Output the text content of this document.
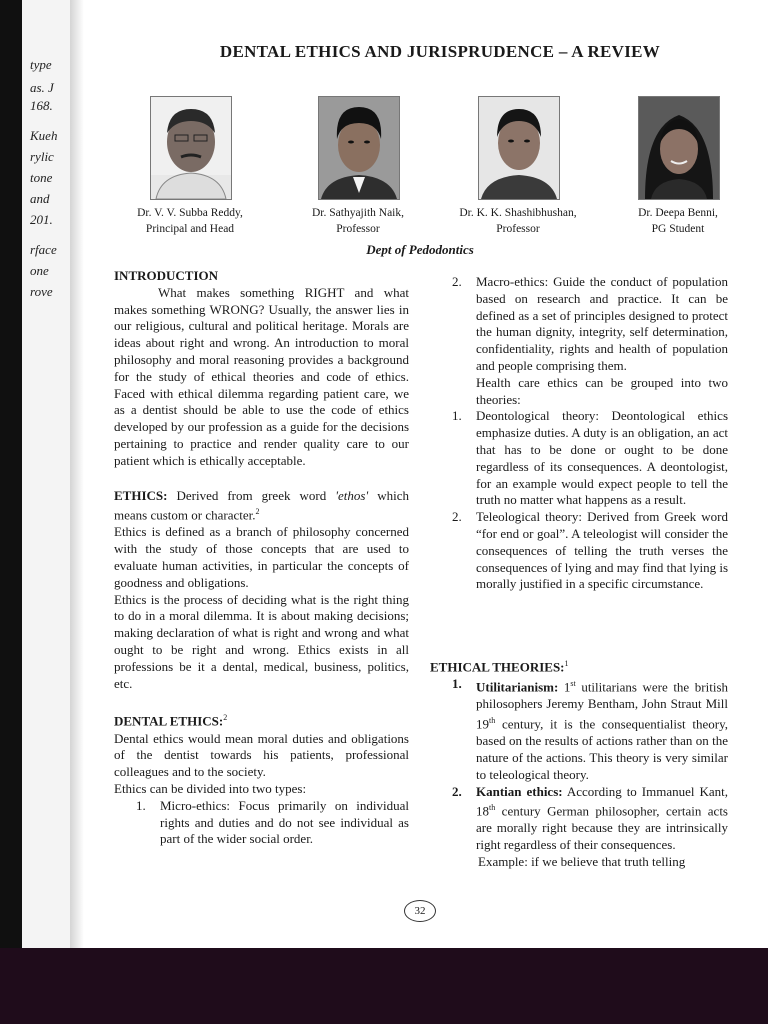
type
as. J
168.
Kueh
rylic
tone
and
201.
rface
one
rove
DENTAL ETHICS AND JURISPRUDENCE – A REVIEW
Dr. V. V. Subba Reddy,
Principal and Head
Dr. Sathyajith Naik,
Professor
Dr. K. K. Shashibhushan,
Professor
Dr. Deepa Benni,
PG Student
Dept of Pedodontics

INTRODUCTION

What makes something RIGHT and what makes something WRONG? Usually, the answer lies in our religious, cultural and political heritage. Morals are ideas about right and wrong. An introduction to moral philosophy and moral reasoning provides a background for the study of ethical theories and code of ethics. Faced with ethical dilemma regarding patient care, we as a dentist should be able to use the code of ethics developed by our profession as a guide for the decisions pertaining to practice and render quality care to our patient which is ethically acceptable.

ETHICS: Derived from greek word 'ethos' which means custom or character.$^2$

Ethics is defined as a branch of philosophy concerned with the study of those concepts that are used to evaluate human activities, in particular the concepts of goodness and obligations.

Ethics is the process of deciding what is the right thing to do in a moral dilemma. It is about making decisions; making declaration of what is right and wrong and what ought to be right and wrong. Ethics exists in all professions be it a dental, medical, business, politics, etc.

DENTAL ETHICS:$^2$

Dental ethics would mean moral duties and obligations of the dentist towards his patients, professional colleagues and to the society.

Ethics can be divided into two types:

1.	Micro-ethics: Focus primarily on individual rights and duties and do not see individual as part of the wider social order.
2.	Macro-ethics: Guide the conduct of population based on research and practice. It can be defined as a set of principles designed to protect the human dignity, integrity, self determination, confidentiality, rights and health of population and people comprising them.

Health care ethics can be grouped into two theories:

1.	Deontological theory: Deontological ethics emphasize duties. A duty is an obligation, an act that has to be done or ought to be done regardless of its consequences. A deontologist, for an example would expect people to tell the truth no matter what happens as a result.
2.	Teleological theory: Derived from Greek word “for end or goal”. A teleologist will consider the consequences of telling the truth verses the consequences of lying and may find that lying is morally justified in a specific circumstance.

ETHICAL THEORIES:$^1$

1.	Utilitarianism: 1st utilitarians were the british philosophers Jeremy Bentham, John Straut Mill 19th century, it is the consequentialist theory, based on the results of actions rather than on the nature of the actions. This theory is very similar to teleological theory.
2.	Kantian ethics: According to Immanuel Kant, 18th century German philosopher, certain acts are morally right because they are intrinsically right regardless of their consequences.

Example: if we believe that truth telling

32
